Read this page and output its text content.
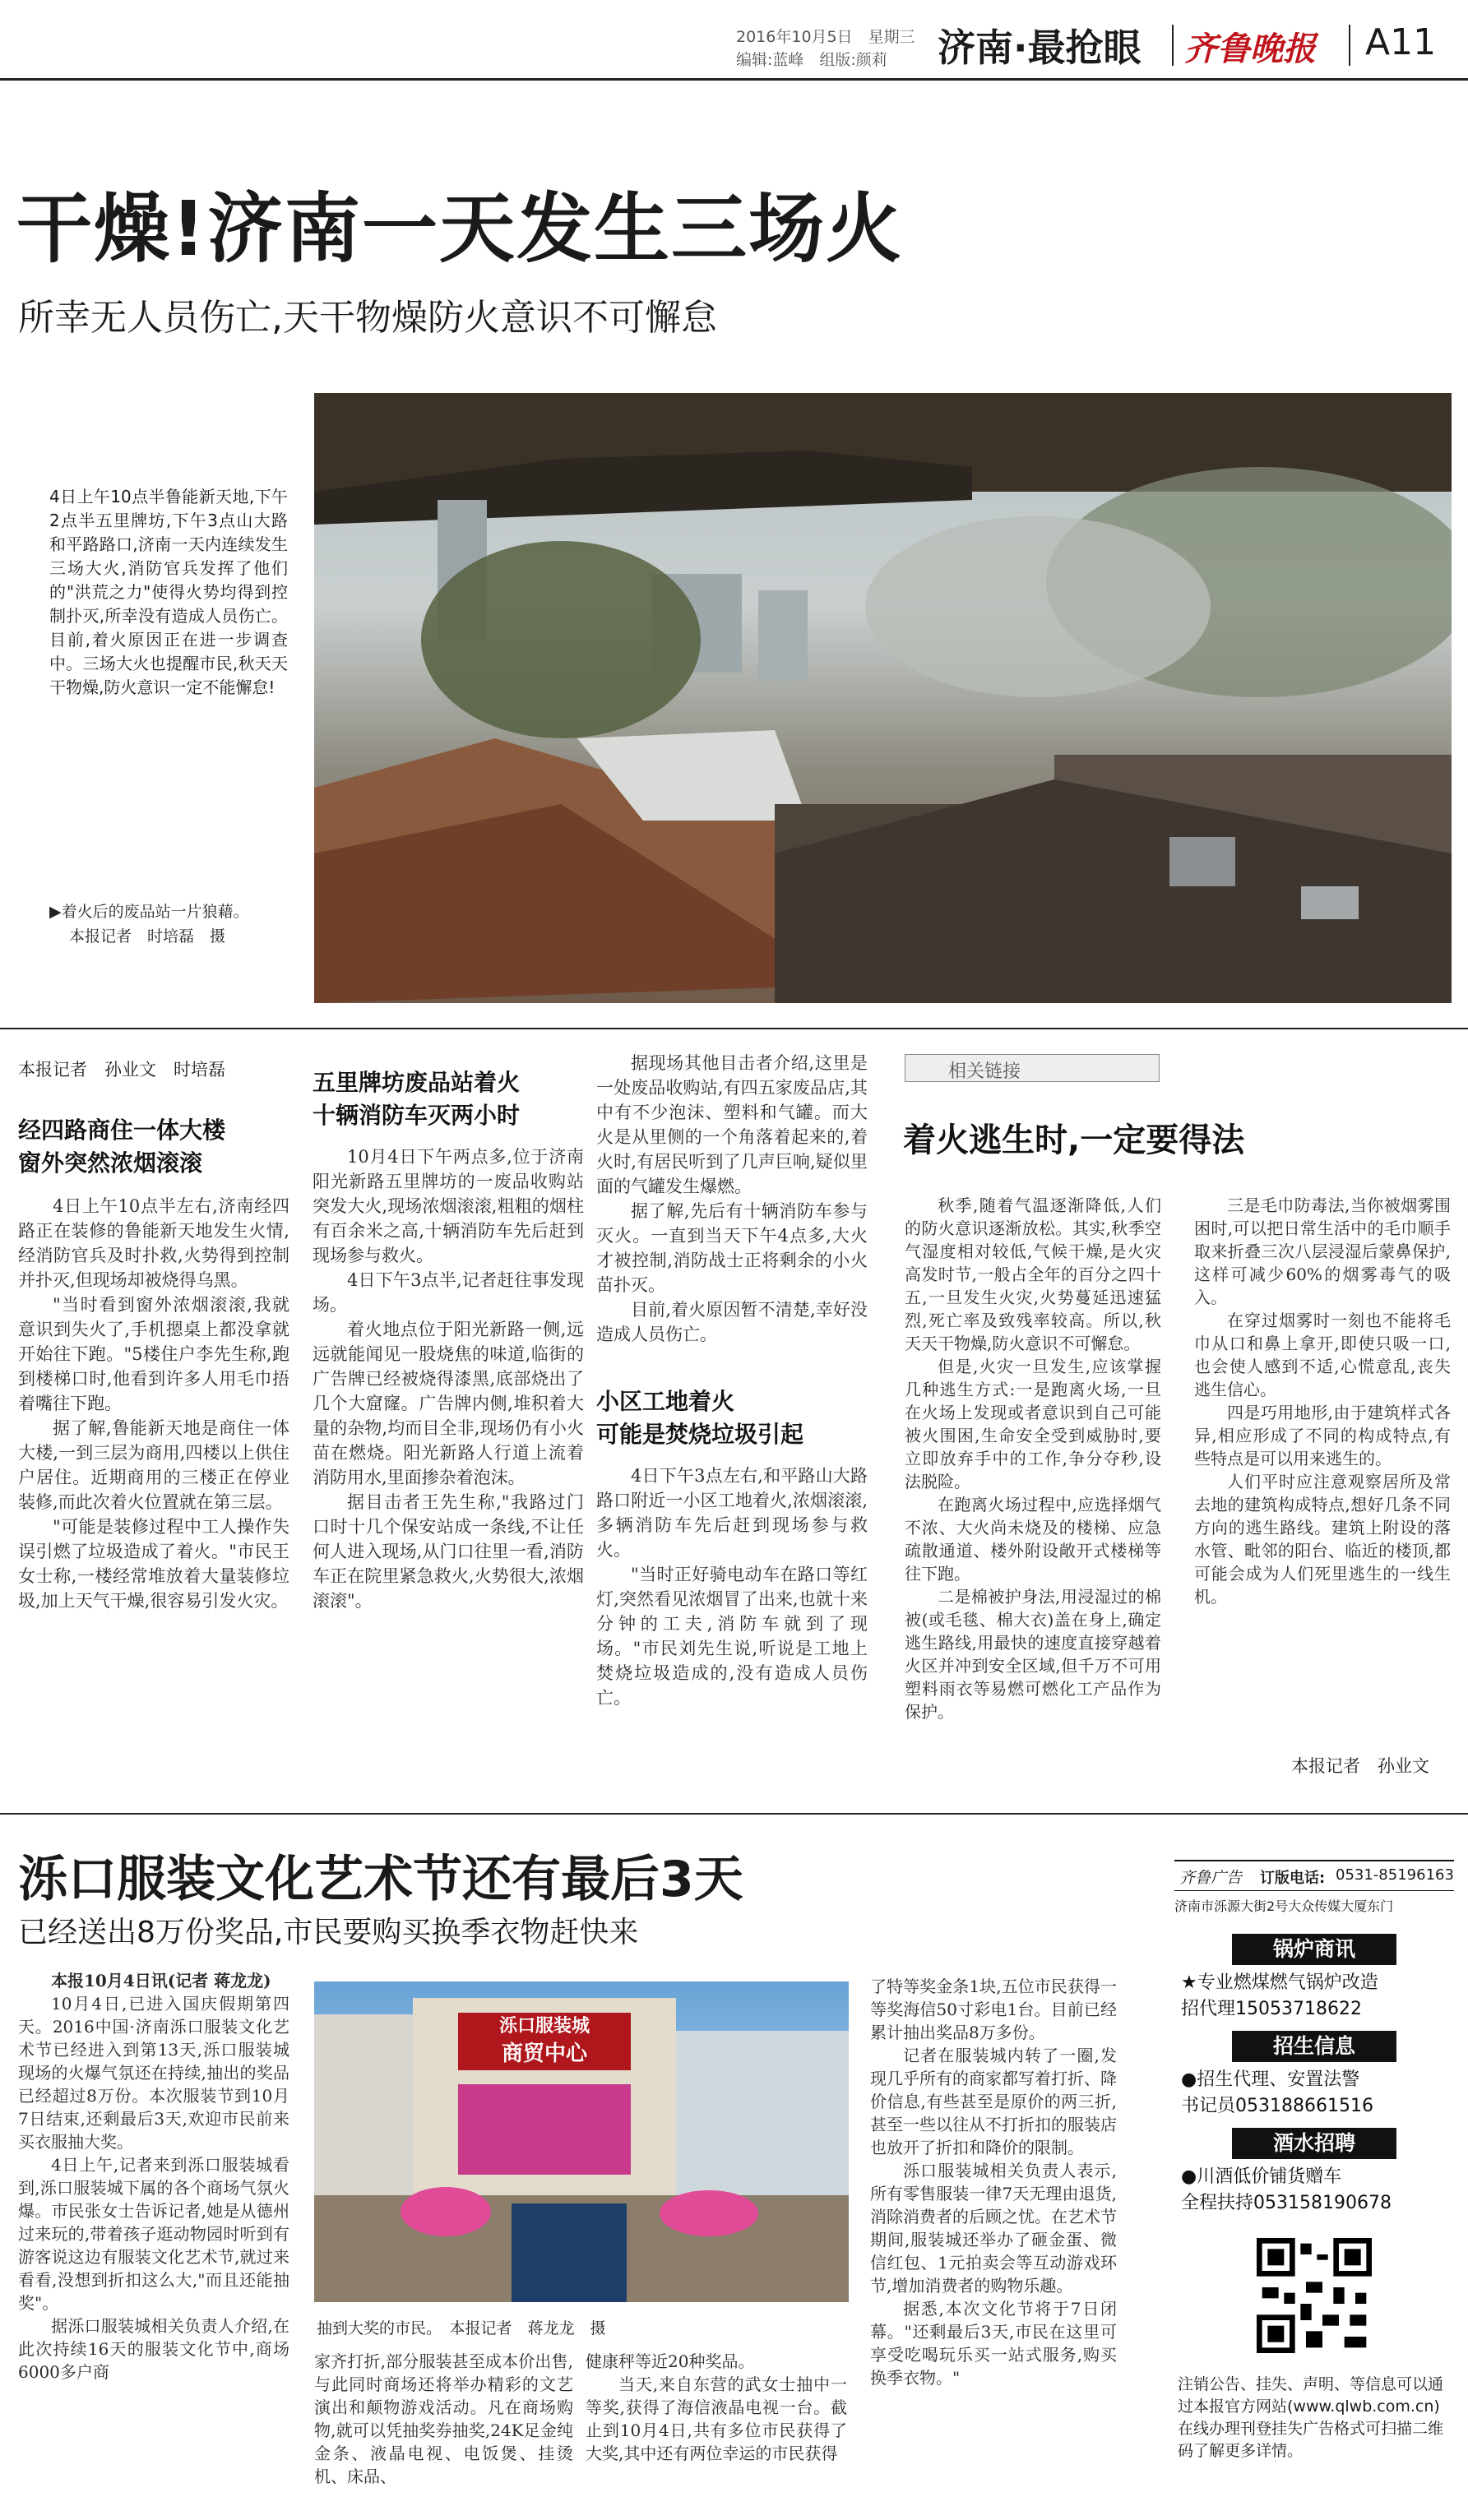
2016年10月5日　星期三
编辑:蓝峰　组版:颜莉	济南·最抢眼 齐鲁晚报 A11
干燥!济南一天发生三场火
所幸无人员伤亡,天干物燥防火意识不可懈怠
4日上午10点半鲁能新天地,下午2点半五里牌坊,下午3点山大路和平路路口,济南一天内连续发生三场大火,消防官兵发挥了他们的"洪荒之力"使得火势均得到控制扑灭,所幸没有造成人员伤亡。目前,着火原因正在进一步调查中。三场大火也提醒市民,秋天天干物燥,防火意识一定不能懈怠!
▶着火后的废品站一片狼藉。
本报记者　时培磊　摄
本报记者　孙业文　时培磊
经四路商住一体大楼
窗外突然浓烟滚滚

4日上午10点半左右,济南经四路正在装修的鲁能新天地发生火情,经消防官兵及时扑救,火势得到控制并扑灭,但现场却被烧得乌黑。

"当时看到窗外浓烟滚滚,我就意识到失火了,手机摁桌上都没拿就开始往下跑。"5楼住户李先生称,跑到楼梯口时,他看到许多人用毛巾捂着嘴往下跑。

据了解,鲁能新天地是商住一体大楼,一到三层为商用,四楼以上供住户居住。近期商用的三楼正在停业装修,而此次着火位置就在第三层。

"可能是装修过程中工人操作失误引燃了垃圾造成了着火。"市民王女士称,一楼经常堆放着大量装修垃圾,加上天气干燥,很容易引发火灾。

五里牌坊废品站着火
十辆消防车灭两小时

10月4日下午两点多,位于济南阳光新路五里牌坊的一废品收购站突发大火,现场浓烟滚滚,粗粗的烟柱有百余米之高,十辆消防车先后赶到现场参与救火。

4日下午3点半,记者赶往事发现场。

着火地点位于阳光新路一侧,远远就能闻见一股烧焦的味道,临街的广告牌已经被烧得漆黑,底部烧出了几个大窟窿。广告牌内侧,堆积着大量的杂物,均而目全非,现场仍有小火苗在燃烧。阳光新路人行道上流着消防用水,里面掺杂着泡沫。

据目击者王先生称,"我路过门口时十几个保安站成一条线,不让任何人进入现场,从门口往里一看,消防车正在院里紧急救火,火势很大,浓烟滚滚"。

据现场其他目击者介绍,这里是一处废品收购站,有四五家废品店,其中有不少泡沫、塑料和气罐。而大火是从里侧的一个角落着起来的,着火时,有居民听到了几声巨响,疑似里面的气罐发生爆燃。

据了解,先后有十辆消防车参与灭火。一直到当天下午4点多,大火才被控制,消防战士正将剩余的小火苗扑灭。

目前,着火原因暂不清楚,幸好没造成人员伤亡。

小区工地着火
可能是焚烧垃圾引起

4日下午3点左右,和平路山大路路口附近一小区工地着火,浓烟滚滚,多辆消防车先后赶到现场参与救火。

"当时正好骑电动车在路口等红灯,突然看见浓烟冒了出来,也就十来分钟的工夫,消防车就到了现场。"市民刘先生说,听说是工地上焚烧垃圾造成的,没有造成人员伤亡。

相关链接
着火逃生时,一定要得法

秋季,随着气温逐渐降低,人们的防火意识逐渐放松。其实,秋季空气湿度相对较低,气候干燥,是火灾高发时节,一般占全年的百分之四十五,一旦发生火灾,火势蔓延迅速猛烈,死亡率及致残率较高。所以,秋天天干物燥,防火意识不可懈怠。

但是,火灾一旦发生,应该掌握几种逃生方式:一是跑离火场,一旦在火场上发现或者意识到自己可能被火围困,生命安全受到威胁时,要立即放弃手中的工作,争分夺秒,设法脱险。

在跑离火场过程中,应选择烟气不浓、大火尚未烧及的楼梯、应急疏散通道、楼外附设敞开式楼梯等往下跑。

二是棉被护身法,用浸湿过的棉被(或毛毯、棉大衣)盖在身上,确定逃生路线,用最快的速度直接穿越着火区并冲到安全区域,但千万不可用塑料雨衣等易燃可燃化工产品作为保护。

三是毛巾防毒法,当你被烟雾围困时,可以把日常生活中的毛巾顺手取来折叠三次八层浸湿后蒙鼻保护,这样可减少60%的烟雾毒气的吸入。

在穿过烟雾时一刻也不能将毛巾从口和鼻上拿开,即使只吸一口,也会使人感到不适,心慌意乱,丧失逃生信心。

四是巧用地形,由于建筑样式各异,相应形成了不同的构成特点,有些特点是可以用来逃生的。

人们平时应注意观察居所及常去地的建筑构成特点,想好几条不同方向的逃生路线。建筑上附设的落水管、毗邻的阳台、临近的楼顶,都可能会成为人们死里逃生的一线生机。

本报记者　孙业文
泺口服装文化艺术节还有最后3天
已经送出8万份奖品,市民要购买换季衣物赶快来

本报10月4日讯(记者 蒋龙龙)

10月4日,已进入国庆假期第四天。2016中国·济南泺口服装文化艺术节已经进入到第13天,泺口服装城现场的火爆气氛还在持续,抽出的奖品已经超过8万份。本次服装节到10月7日结束,还剩最后3天,欢迎市民前来买衣服抽大奖。

4日上午,记者来到泺口服装城看到,泺口服装城下属的各个商场气氛火爆。市民张女士告诉记者,她是从德州过来玩的,带着孩子逛动物园时听到有游客说这边有服装文化艺术节,就过来看看,没想到折扣这么大,"而且还能抽奖"。

据泺口服装城相关负责人介绍,在此次持续16天的服装文化节中,商场6000多户商

泺口服装城
商贸中心
抽到大奖的市民。　本报记者　蒋龙龙　摄

家齐打折,部分服装甚至成本价出售,与此同时商场还将举办精彩的文艺演出和颠物游戏活动。凡在商场购物,就可以凭抽奖券抽奖,24K足金纯金条、液晶电视、电饭煲、挂烫机、床品、

健康秤等近20种奖品。

当天,来自东营的武女士抽中一等奖,获得了海信液晶电视一台。截止到10月4日,共有多位市民获得了大奖,其中还有两位幸运的市民获得

了特等奖金条1块,五位市民获得一等奖海信50寸彩电1台。目前已经累计抽出奖品8万多份。

记者在服装城内转了一圈,发现几乎所有的商家都写着打折、降价信息,有些甚至是原价的两三折,甚至一些以往从不打折扣的服装店也放开了折扣和降价的限制。

泺口服装城相关负责人表示,所有零售服装一律7天无理由退货,消除消费者的后顾之忧。在艺术节期间,服装城还举办了砸金蛋、微信红包、1元拍卖会等互动游戏环节,增加消费者的购物乐趣。

据悉,本次文化节将于7日闭幕。"还剩最后3天,市民在这里可享受吃喝玩乐买一站式服务,购买换季衣物。"

齐鲁广告 订版电话: 0531-85196163
济南市泺源大街2号大众传媒大厦东门
锅炉商讯
★专业燃煤燃气锅炉改造
招代理15053718622
招生信息
●招生代理、安置法警
书记员053188661516
酒水招聘
●川酒低价铺货赠车
全程扶持053158190678
注销公告、挂失、声明、等信息可以通过本报官方网站(www.qlwb.com.cn)在线办理刊登挂失广告格式可扫描二维码了解更多详情。
